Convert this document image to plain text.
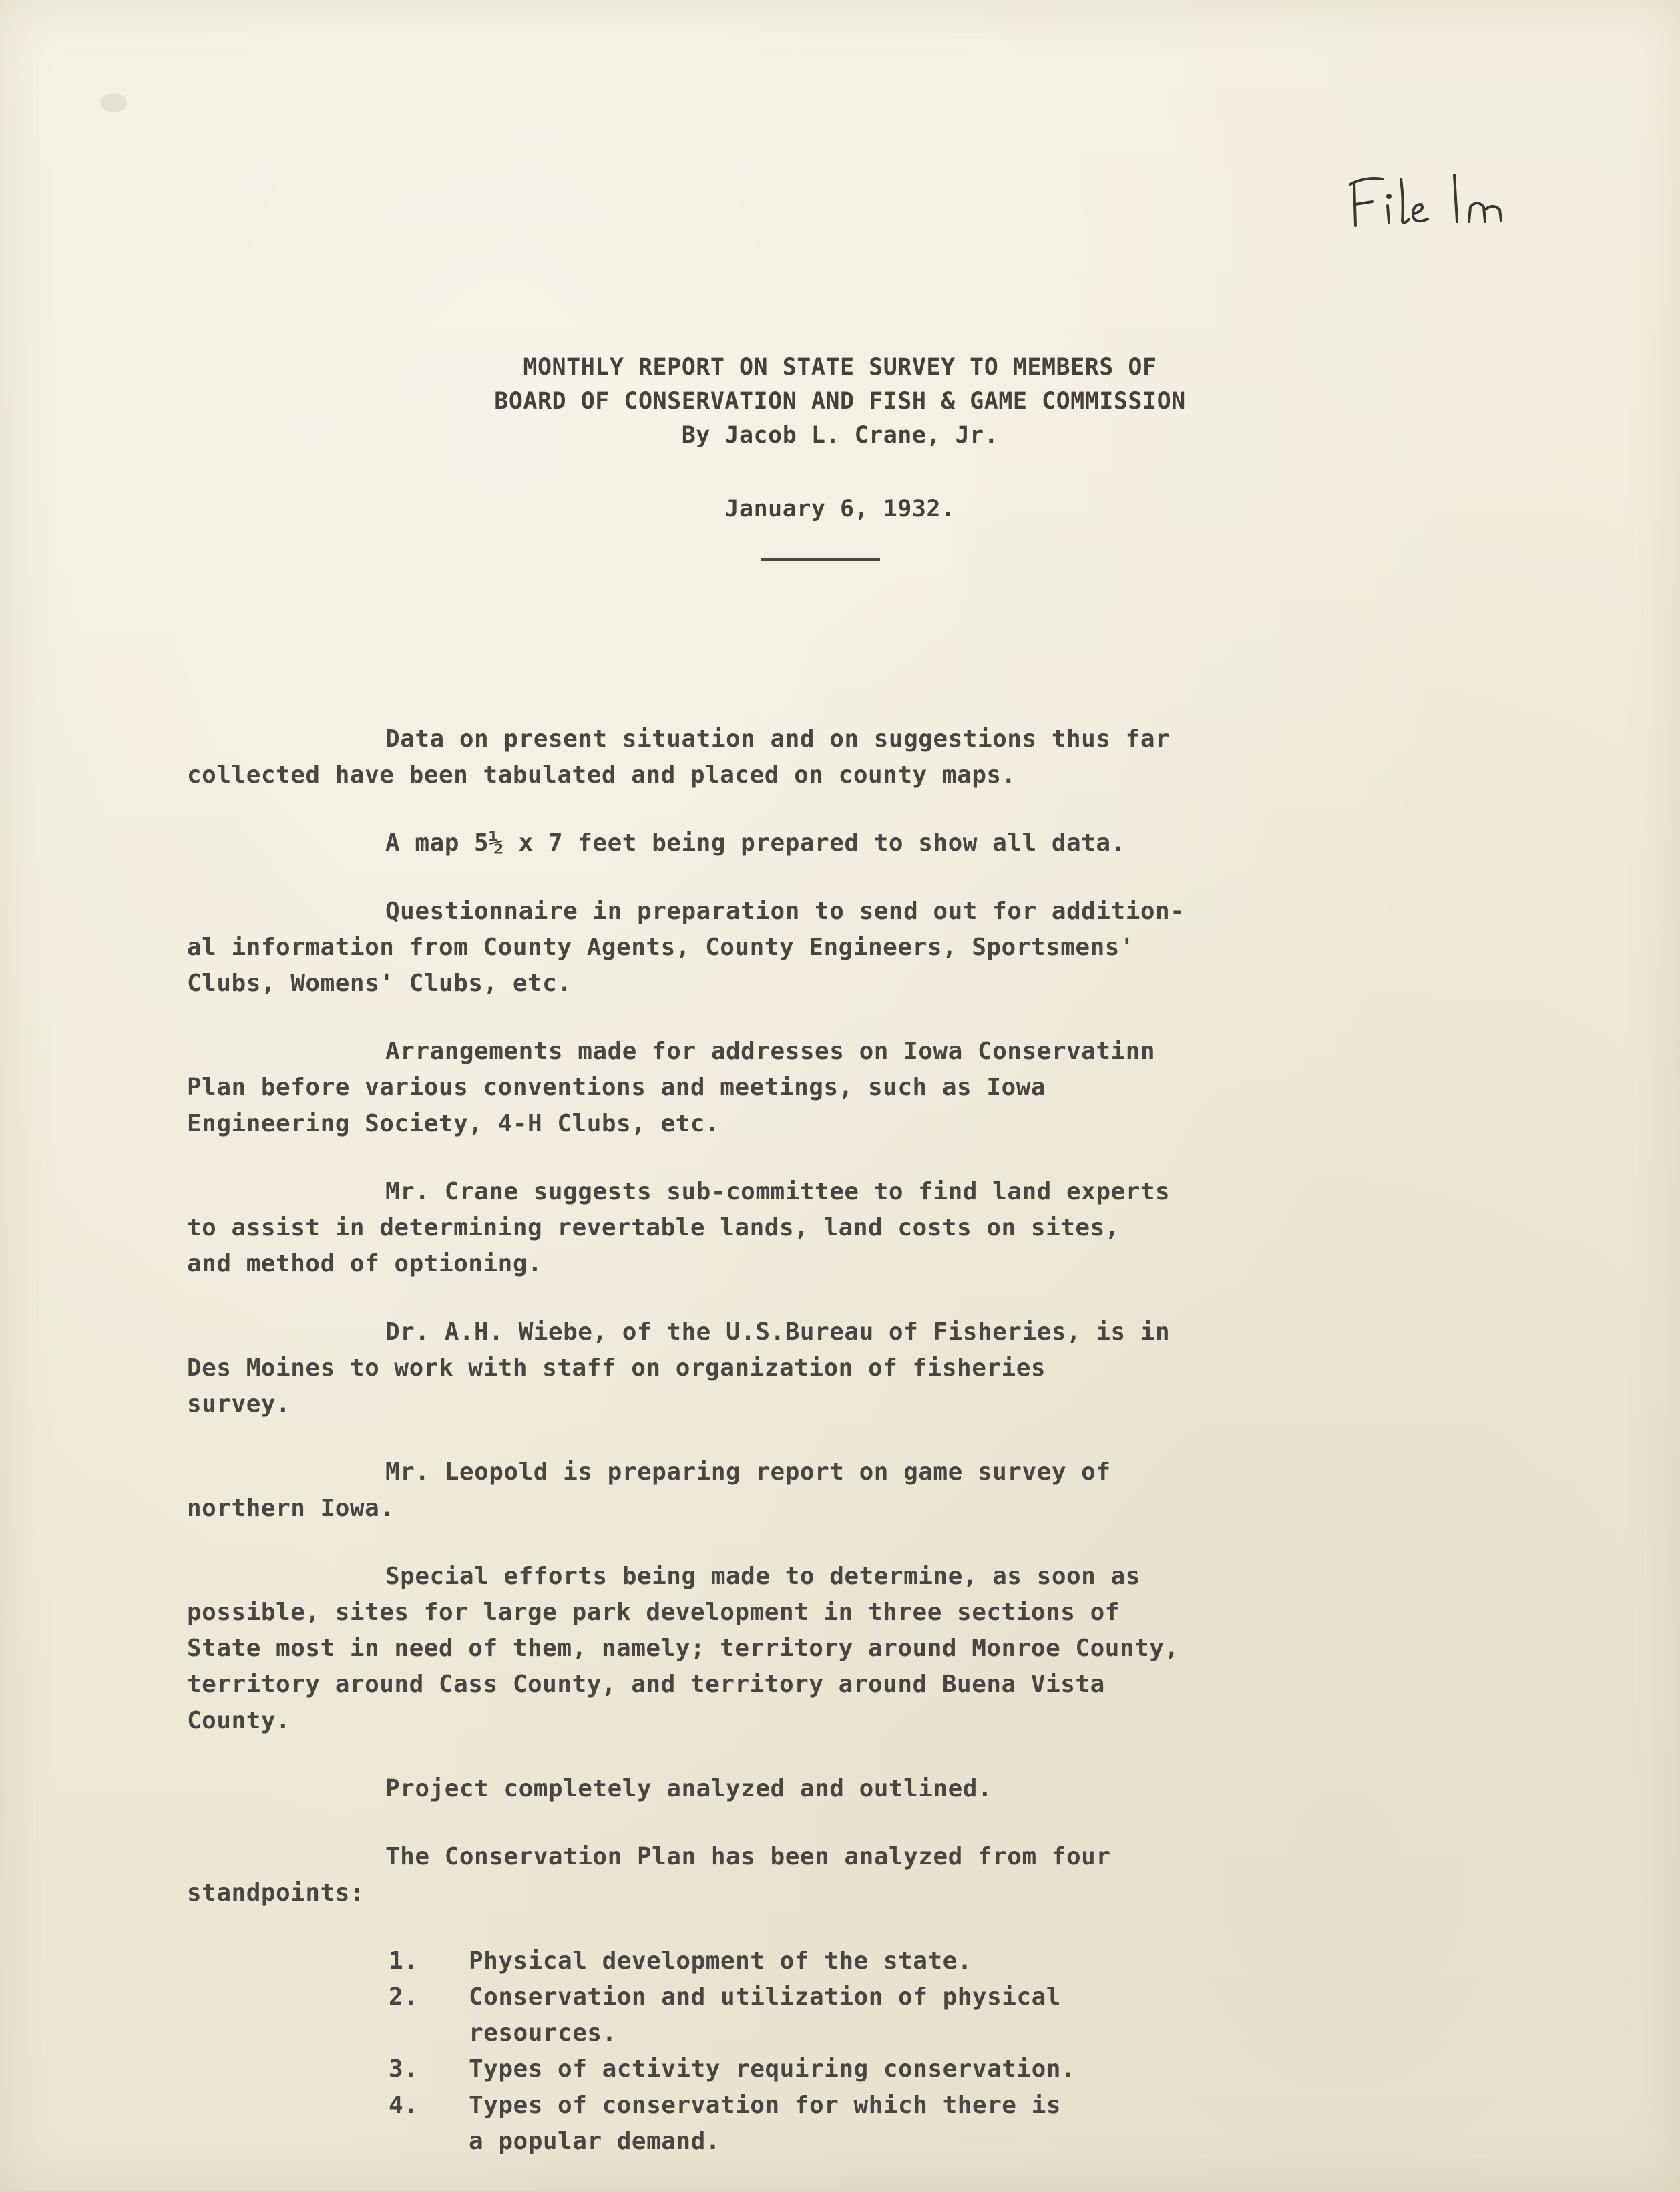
MONTHLY REPORT ON STATE SURVEY TO MEMBERS OF
BOARD OF CONSERVATION AND FISH & GAME COMMISSION
By Jacob L. Crane, Jr.
January 6, 1932.
Data on present situation and on suggestions thus far
collected have been tabulated and placed on county maps.
A map 5½ x 7 feet being prepared to show all data.
Questionnaire in preparation to send out for addition-
al information from County Agents, County Engineers, Sportsmens'
Clubs, Womens' Clubs, etc.
Arrangements made for addresses on Iowa Conservatinn
Plan before various conventions and meetings, such as Iowa
Engineering Society, 4-H Clubs, etc.
Mr. Crane suggests sub-committee to find land experts
to assist in determining revertable lands, land costs on sites,
and method of optioning.
Dr. A.H. Wiebe, of the U.S.Bureau of Fisheries, is in
Des Moines to work with staff on organization of fisheries
survey.
Mr. Leopold is preparing report on game survey of
northern Iowa.
Special efforts being made to determine, as soon as
possible, sites for large park development in three sections of
State most in need of them, namely; territory around Monroe County,
territory around Cass County, and territory around Buena Vista
County.
Project completely analyzed and outlined.
The Conservation Plan has been analyzed from four
standpoints:
1. Physical development of the state.
2. Conservation and utilization of physical
resources.
3. Types of activity requiring conservation.
4. Types of conservation for which there is
a popular demand.
